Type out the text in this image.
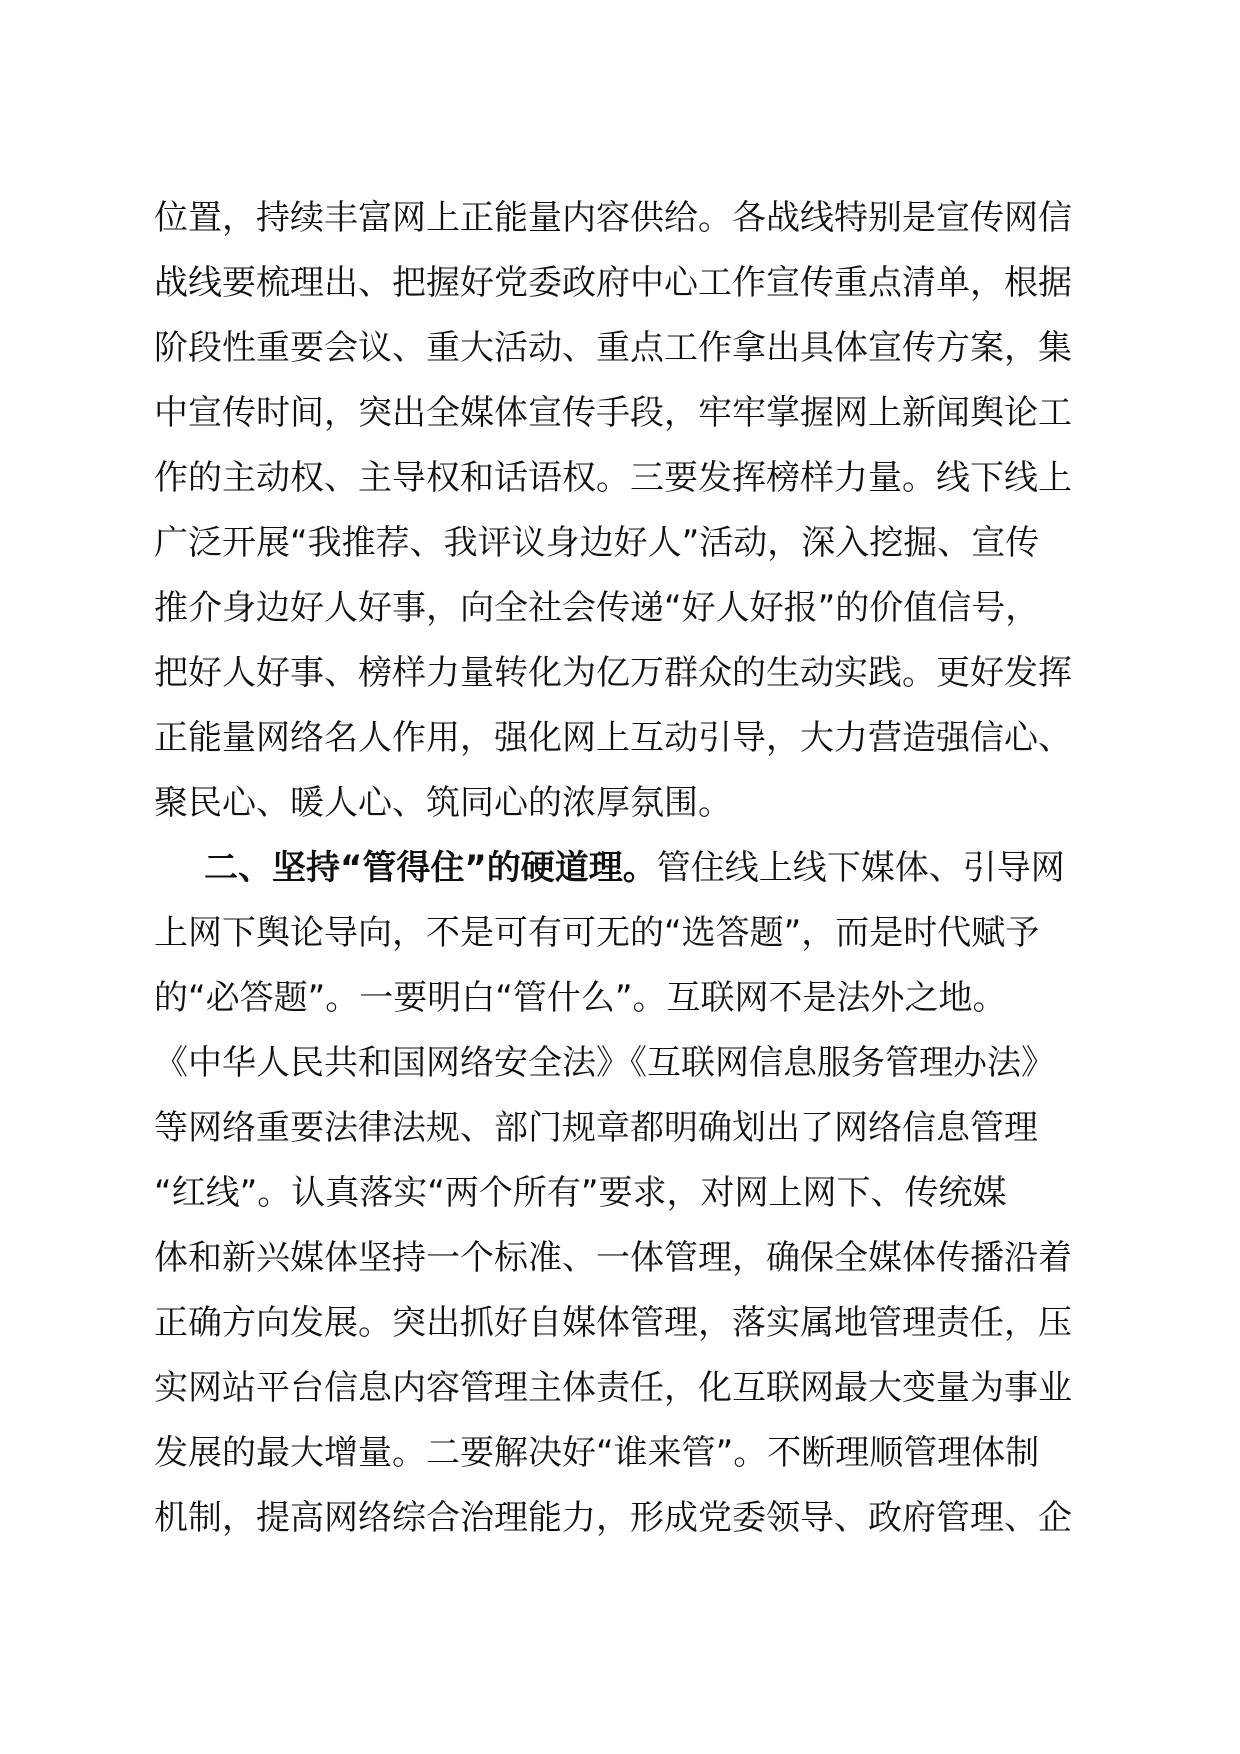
位置，持续丰富网上正能量内容供给。各战线特别是宣传网信
战线要梳理出、把握好党委政府中心工作宣传重点清单，根据
阶段性重要会议、重大活动、重点工作拿出具体宣传方案，集
中宣传时间，突出全媒体宣传手段，牢牢掌握网上新闻舆论工
作的主动权、主导权和话语权。三要发挥榜样力量。线下线上
广泛开展“我推荐、我评议身边好人”活动，深入挖掘、宣传
推介身边好人好事，向全社会传递“好人好报”的价值信号，
把好人好事、榜样力量转化为亿万群众的生动实践。更好发挥
正能量网络名人作用，强化网上互动引导，大力营造强信心、
聚民心、暖人心、筑同心的浓厚氛围。
二、坚持“管得住”的硬道理。管住线上线下媒体、引导网
上网下舆论导向，不是可有可无的“选答题”，而是时代赋予
的“必答题”。一要明白“管什么”。互联网不是法外之地。
《中华人民共和国网络安全法》《互联网信息服务管理办法》
等网络重要法律法规、部门规章都明确划出了网络信息管理
“红线”。认真落实“两个所有”要求，对网上网下、传统媒
体和新兴媒体坚持一个标准、一体管理，确保全媒体传播沿着
正确方向发展。突出抓好自媒体管理，落实属地管理责任，压
实网站平台信息内容管理主体责任，化互联网最大变量为事业
发展的最大增量。二要解决好“谁来管”。不断理顺管理体制
机制，提高网络综合治理能力，形成党委领导、政府管理、企
